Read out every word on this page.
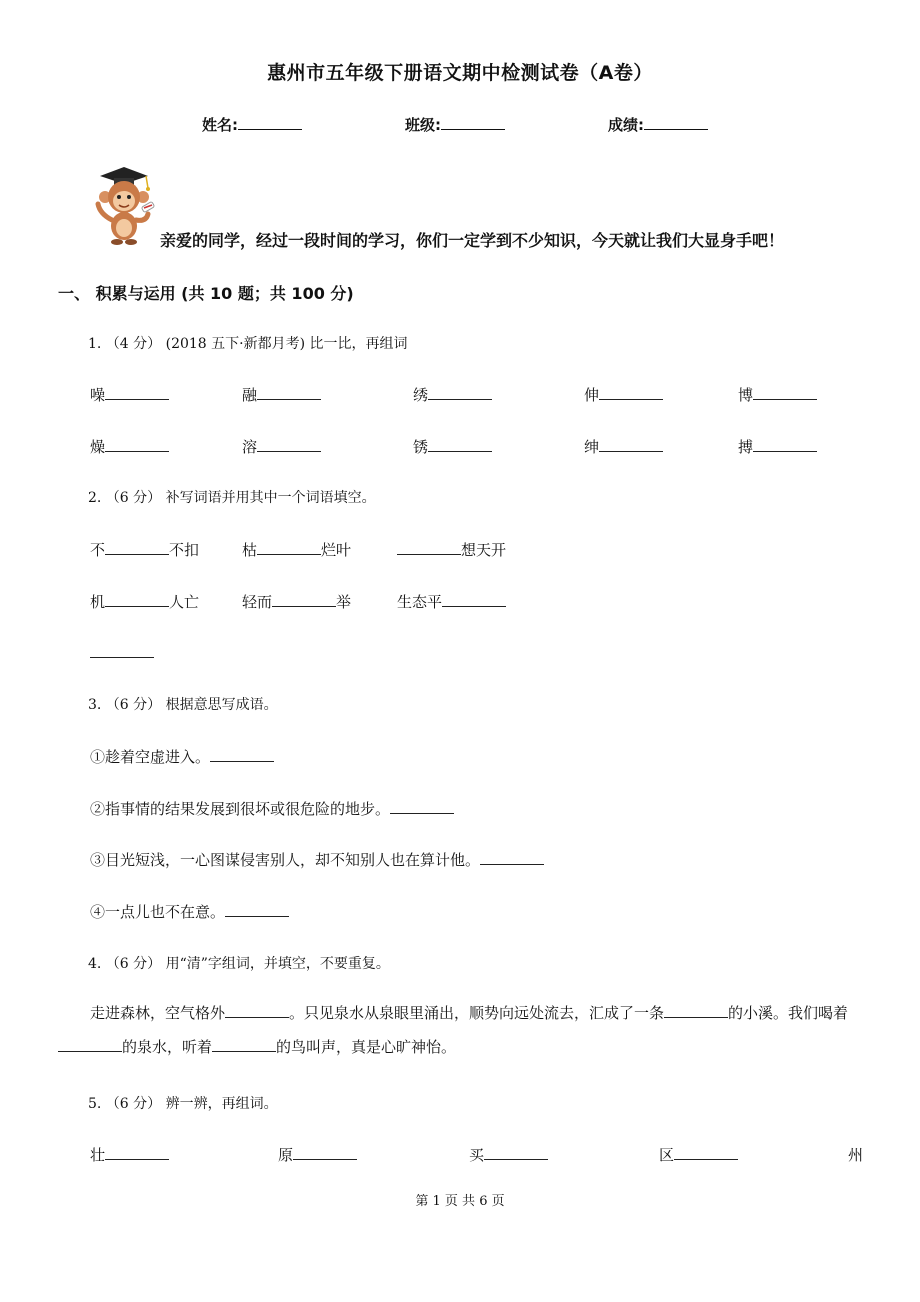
惠州市五年级下册语文期中检测试卷（A卷）
姓名:	班级:	成绩:
亲爱的同学，经过一段时间的学习，你们一定学到不少知识，今天就让我们大显身手吧！
一、 积累与运用 (共 10 题；共 100 分)
1. （4 分） (2018 五下·新都月考) 比一比，再组词
噪	融	绣	伸	博
燥	溶	锈	绅	搏
2. （6 分） 补写词语并用其中一个词语填空。
不	不扣	枯	烂叶	想天开
机	人亡	轻而	举	生态平
3. （6 分） 根据意思写成语。
①趁着空虚进入。
②指事情的结果发展到很坏或很危险的地步。
③目光短浅，一心图谋侵害别人，却不知别人也在算计他。
④一点儿也不在意。
4. （6 分） 用“清”字组词，并填空，不要重复。
走进森林，空气格外	。只见泉水从泉眼里涌出，顺势向远处流去，汇成了一条	的小溪。我们喝着的泉水，听着	的鸟叫声，真是心旷神怡。
5. （6 分） 辨一辨，再组词。
壮	原	买	区	州
第 1 页 共 6 页
